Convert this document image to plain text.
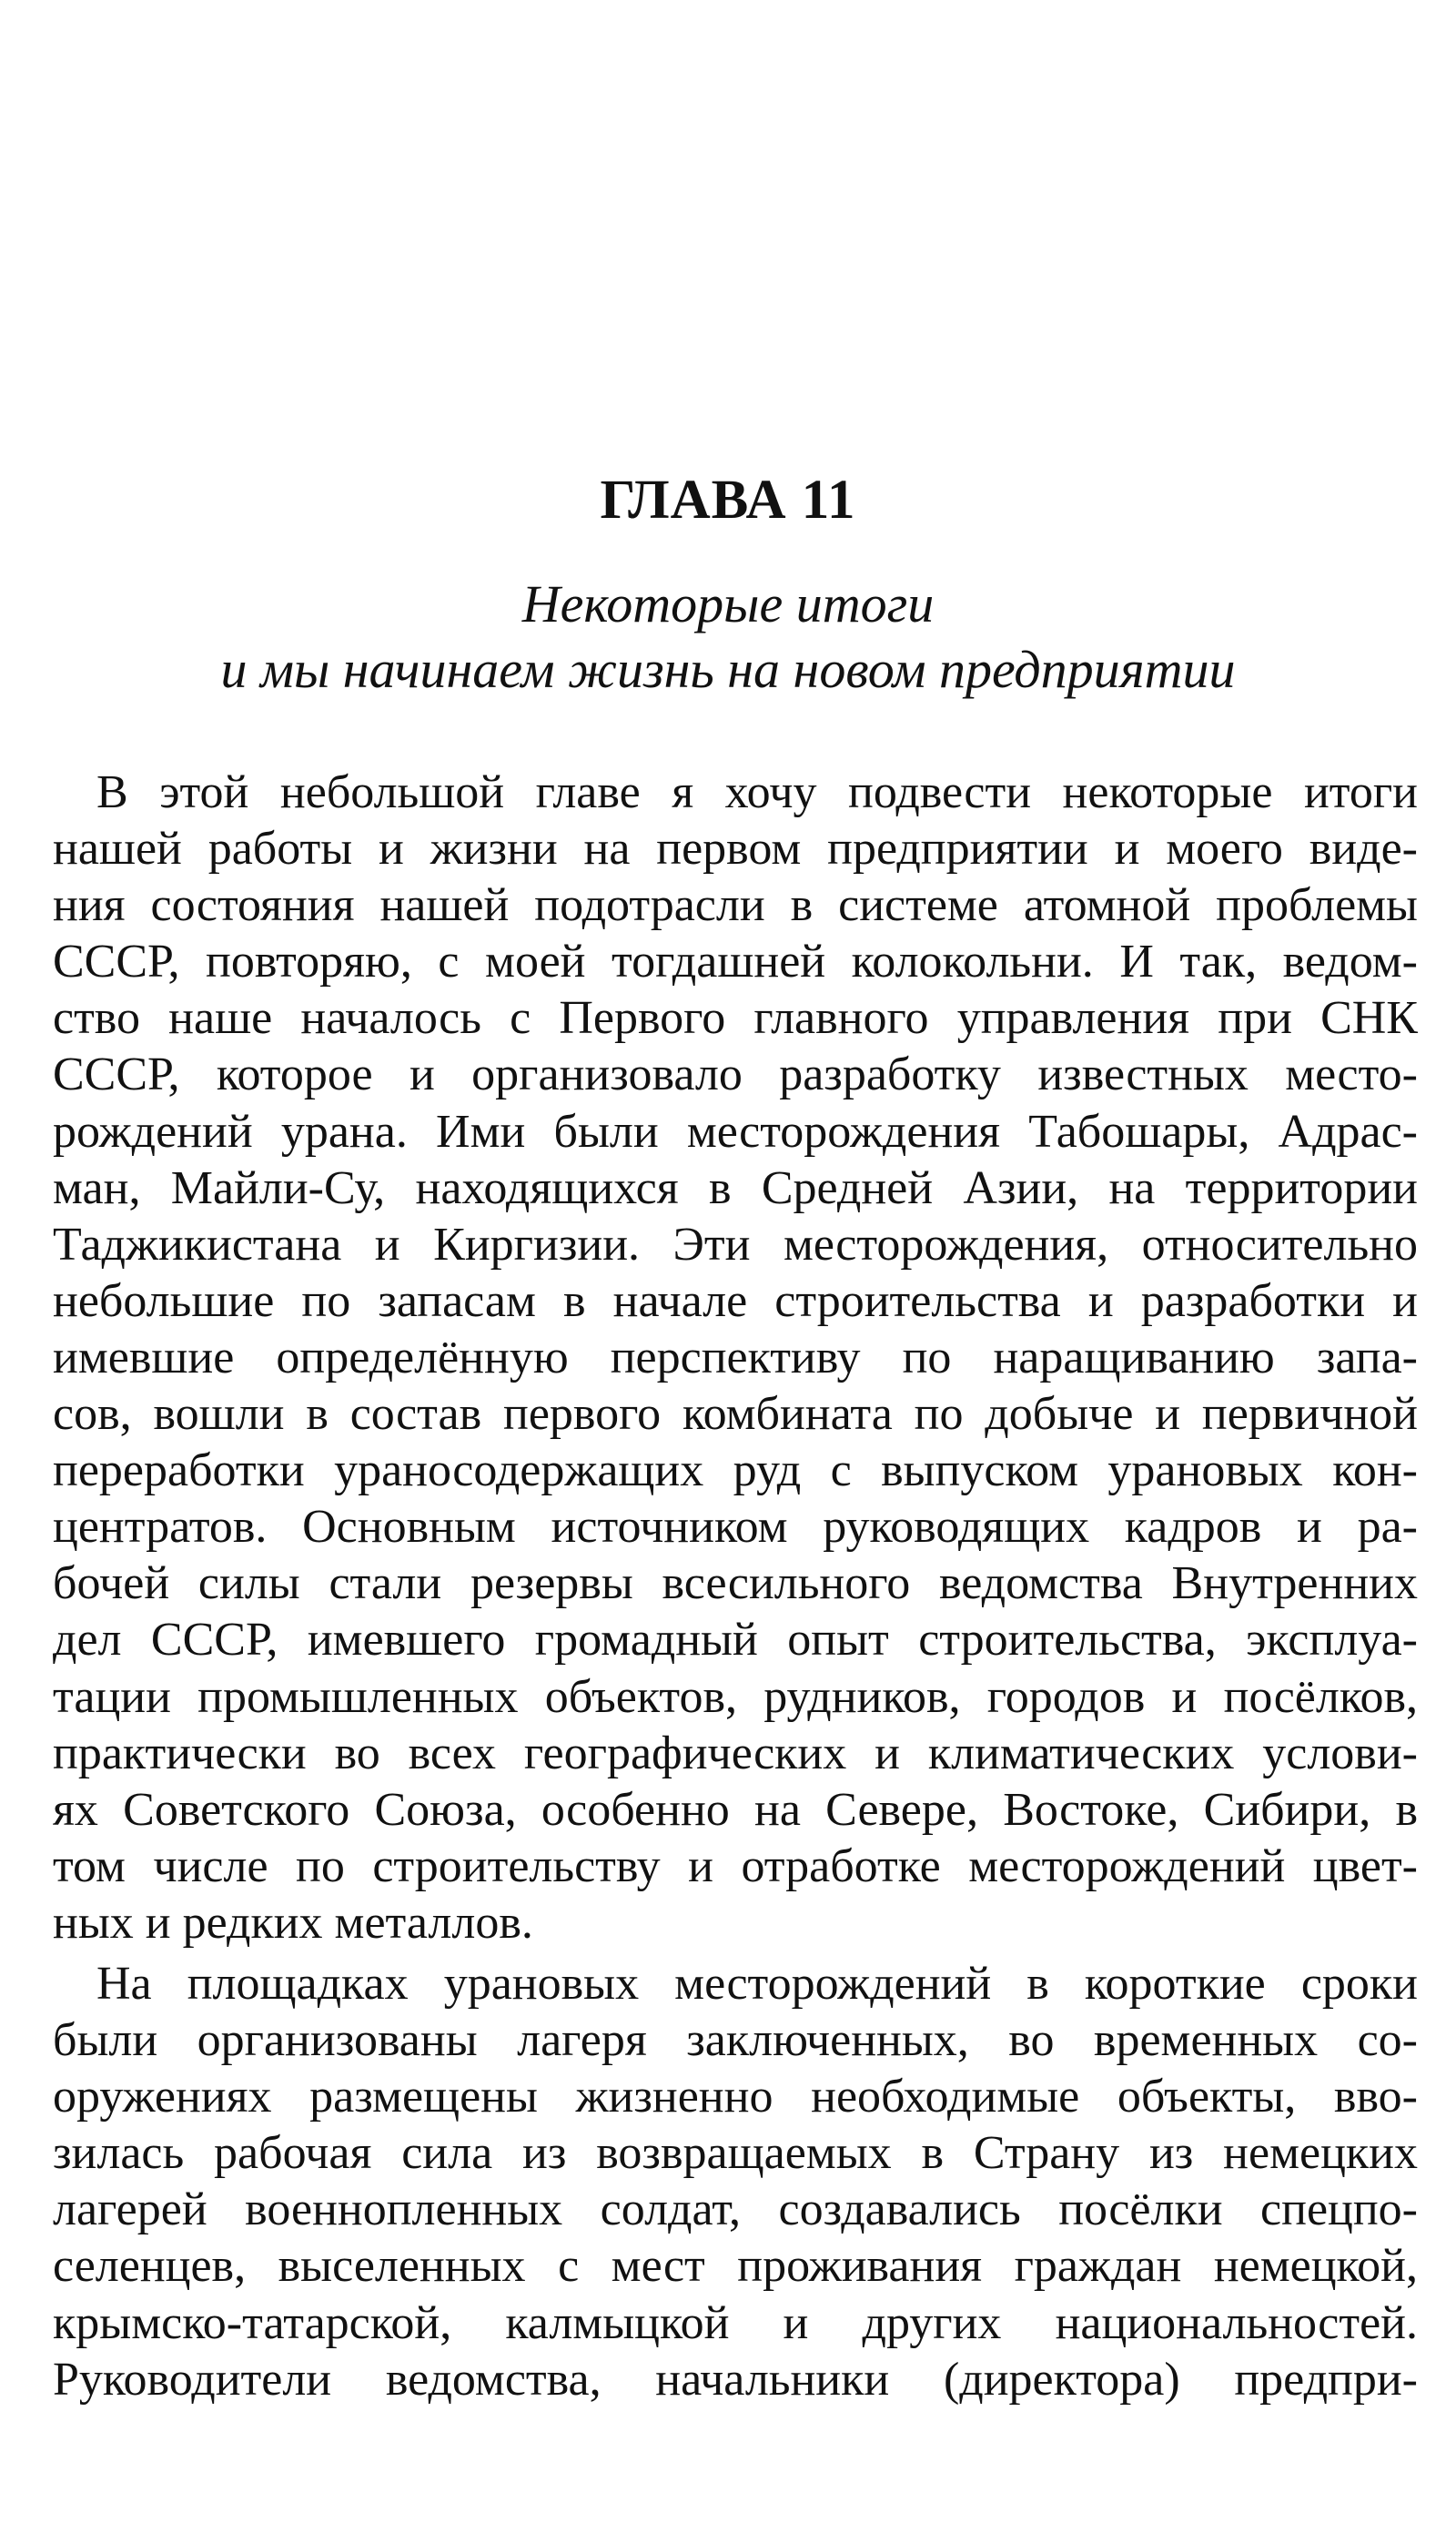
ГЛАВА 11
Некоторые итоги
и мы начинаем жизнь на новом предприятии
В этой небольшой главе я хочу подвести некоторые итоги
нашей работы и жизни на первом предприятии и моего виде-
ния состояния нашей подотрасли в системе атомной проблемы
СССР, повторяю, с моей тогдашней колокольни. И так, ведом-
ство наше началось с Первого главного управления при СНК
СССР, которое и организовало разработку известных место-
рождений урана. Ими были месторождения Табошары, Адрас-
ман, Майли-Су, находящихся в Средней Азии, на территории
Таджикистана и Киргизии. Эти месторождения, относительно
небольшие по запасам в начале строительства и разработки и
имевшие определённую перспективу по наращиванию запа-
сов, вошли в состав первого комбината по добыче и первичной
переработки ураносодержащих руд с выпуском урановых кон-
центратов. Основным источником руководящих кадров и ра-
бочей силы стали резервы всесильного ведомства Внутренних
дел СССР, имевшего громадный опыт строительства, эксплуа-
тации промышленных объектов, рудников, городов и посёлков,
практически во всех географических и климатических услови-
ях Советского Союза, особенно на Севере, Востоке, Сибири, в
том числе по строительству и отработке месторождений цвет-
ных и редких металлов.
На площадках урановых месторождений в короткие сроки
были организованы лагеря заключенных, во временных со-
оружениях размещены жизненно необходимые объекты, вво-
зилась рабочая сила из возвращаемых в Страну из немецких
лагерей военнопленных солдат, создавались посёлки спецпо-
селенцев, выселенных с мест проживания граждан немецкой,
крымско-татарской, калмыцкой и других национальностей.
Руководители ведомства, начальники (директора) предпри-
